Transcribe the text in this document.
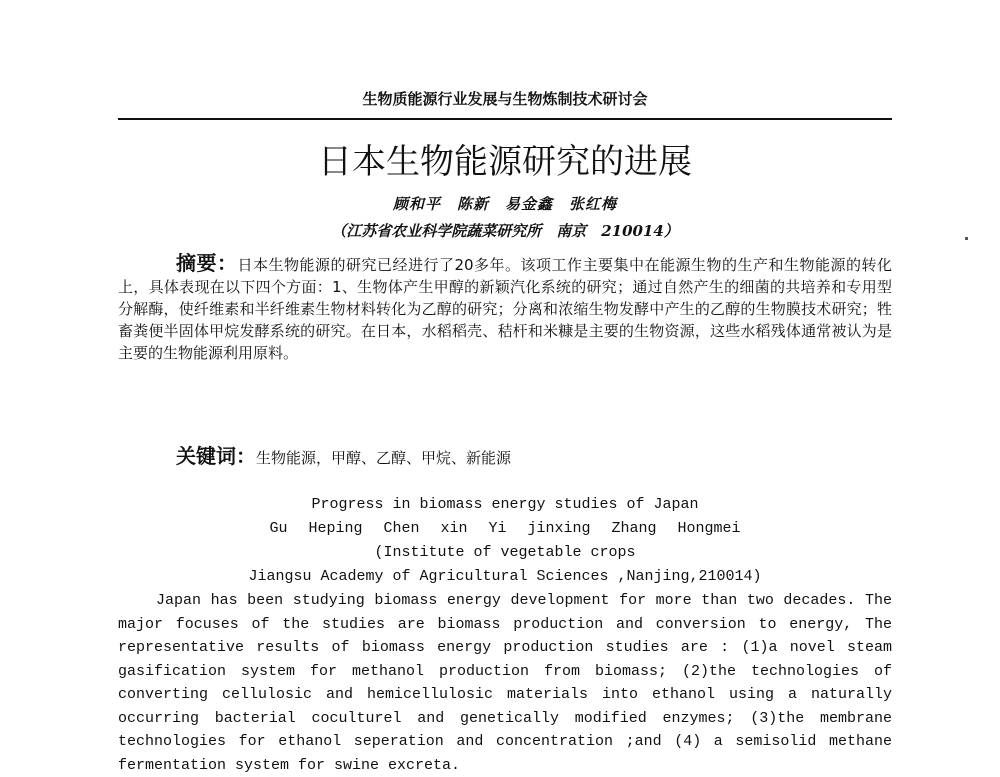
生物质能源行业发展与生物炼制技术研讨会
日本生物能源研究的进展
顾和平　陈新　易金鑫　张红梅
（江苏省农业科学院蔬菜研究所　南京　210014）
摘要：日本生物能源的研究已经进行了20多年。该项工作主要集中在能源生物的生产和生物能源的转化上，具体表现在以下四个方面：1、生物体产生甲醇的新颖汽化系统的研究；通过自然产生的细菌的共培养和专用型分解酶，使纤维素和半纤维素生物材料转化为乙醇的研究；分离和浓缩生物发酵中产生的乙醇的生物膜技术研究；牲畜粪便半固体甲烷发酵系统的研究。在日本，水稻稻壳、秸杆和米糠是主要的生物资源，这些水稻残体通常被认为是主要的生物能源利用原料。
关键词：生物能源，甲醇、乙醇、甲烷、新能源
Progress in biomass energy studies of Japan
Gu Heping Chen xin Yi jinxing Zhang Hongmei
(Institute of vegetable crops
Jiangsu Academy of Agricultural Sciences ,Nanjing,210014)
Japan has been studying biomass energy development for more than two decades. The major focuses of the studies are biomass production and conversion to energy, The representative results of biomass energy production studies are : (1)a novel steam gasification system for methanol production from biomass; (2)the technologies of converting cellulosic and hemicellulosic materials into ethanol using a naturally occurring bacterial coculturel and genetically modified enzymes; (3)the membrane technologies for ethanol seperation and concentration ;and (4) a semisolid methane fermentation system for swine excreta.
